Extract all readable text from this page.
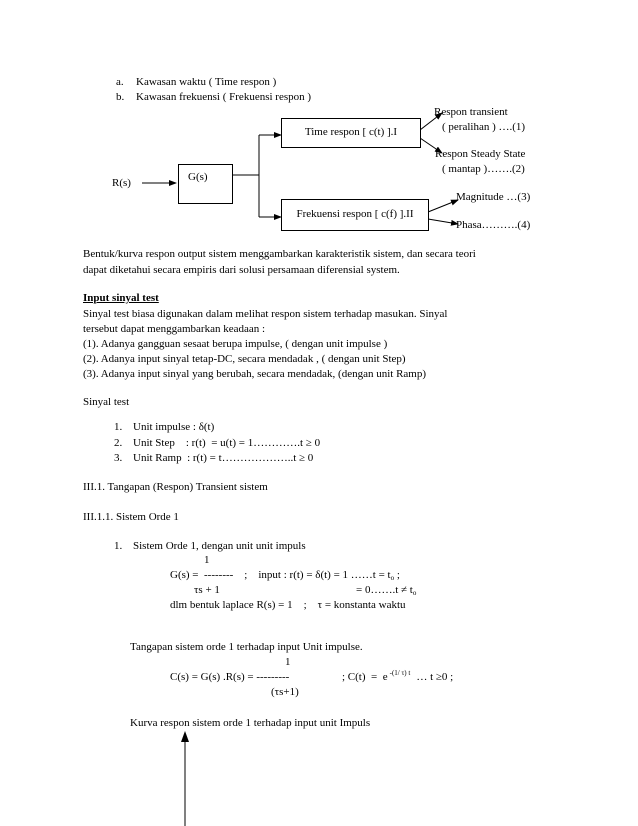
a. Kawasan waktu ( Time respon )
b. Kawasan frekuensi ( Frekuensi respon )
R(s)	G(s)
Time respon [ c(t) ].I
Frekuensi respon [ c(f) ].II
Respon transient
( peralihan ) ….(1)
Respon Steady State
( mantap )…….(2)
Magnitude …(3)
Phasa……….(4)
Bentuk/kurva respon output sistem menggambarkan karakteristik sistem, dan secara teori
dapat diketahui secara empiris dari solusi persamaan diferensial system.
Input sinyal test
Sinyal test biasa digunakan dalam melihat respon sistem terhadap masukan. Sinyal
tersebut dapat menggambarkan keadaan :
(1). Adanya gangguan sesaat berupa impulse, ( dengan unit impulse )
(2). Adanya input sinyal tetap-DC, secara mendadak , ( dengan unit Step)
(3). Adanya input sinyal yang berubah, secara mendadak, (dengan unit Ramp)
Sinyal test
1. Unit impulse : δ(t)
2. Unit Step    : r(t)  = u(t) = 1………….t ≥ 0
3. Unit Ramp  : r(t) = t………………..t ≥ 0
III.1. Tangapan (Respon) Transient sistem
III.1.1. Sistem Orde 1
1. Sistem Orde 1, dengan unit unit impuls
1
G(s) =  --------    ;    input : r(t) = δ(t) = 1 ……t = to ;
τs + 1	= 0…….t ≠ to
dlm bentuk laplace R(s) = 1    ;    τ = konstanta waktu
Tangapan sistem orde 1 terhadap input Unit impulse.
1
C(s) = G(s) .R(s) = ---------	; C(t)  =  e $^{-(1/ \tau) t}$ … t ≥0 ;
(τs+1)
Kurva respon sistem orde 1 terhadap input unit Impuls
